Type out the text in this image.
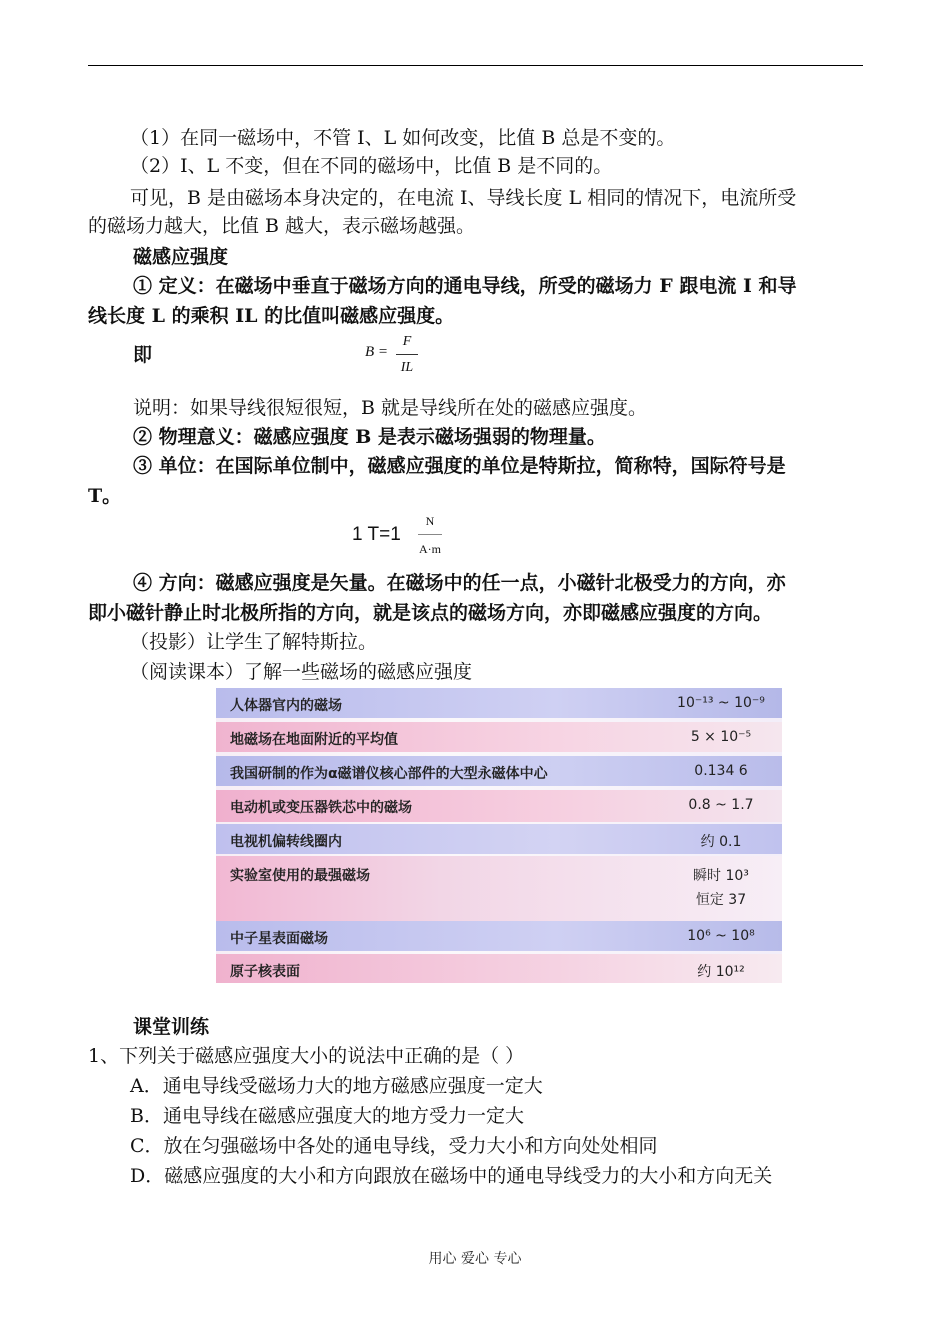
（1）在同一磁场中，不管 I、L 如何改变，比值 B 总是不变的。
（2）I、L 不变，但在不同的磁场中，比值 B 是不同的。
可见，B 是由磁场本身决定的，在电流 I、导线长度 L 相同的情况下，电流所受
的磁场力越大，比值 B 越大，表示磁场越强。
磁感应强度
① 定义：在磁场中垂直于磁场方向的通电导线，所受的磁场力 F 跟电流 I 和导
线长度 L 的乘积 IL 的比值叫磁感应强度。
即	B =
F
IL
说明：如果导线很短很短，B 就是导线所在处的磁感应强度。
② 物理意义：磁感应强度 B 是表示磁场强弱的物理量。
③ 单位：在国际单位制中，磁感应强度的单位是特斯拉，简称特，国际符号是
T。
1 T=1
N
A·m
④ 方向：磁感应强度是矢量。在磁场中的任一点，小磁针北极受力的方向，亦
即小磁针静止时北极所指的方向，就是该点的磁场方向，亦即磁感应强度的方向。
（投影）让学生了解特斯拉。
（阅读课本）了解一些磁场的磁感应强度
人体器官内的磁场	10⁻¹³ ~ 10⁻⁹
地磁场在地面附近的平均值	5 × 10⁻⁵
我国研制的作为α磁谱仪核心部件的大型永磁体中心	0.134 6
电动机或变压器铁芯中的磁场	0.8 ~ 1.7
电视机偏转线圈内	约 0.1
实验室使用的最强磁场	瞬时 10³
恒定 37
中子星表面磁场	10⁶ ~ 10⁸
原子核表面	约 10¹²
课堂训练
1、下列关于磁感应强度大小的说法中正确的是（ ）
A．通电导线受磁场力大的地方磁感应强度一定大
B．通电导线在磁感应强度大的地方受力一定大
C．放在匀强磁场中各处的通电导线，受力大小和方向处处相同
D．磁感应强度的大小和方向跟放在磁场中的通电导线受力的大小和方向无关
用心 爱心 专心
